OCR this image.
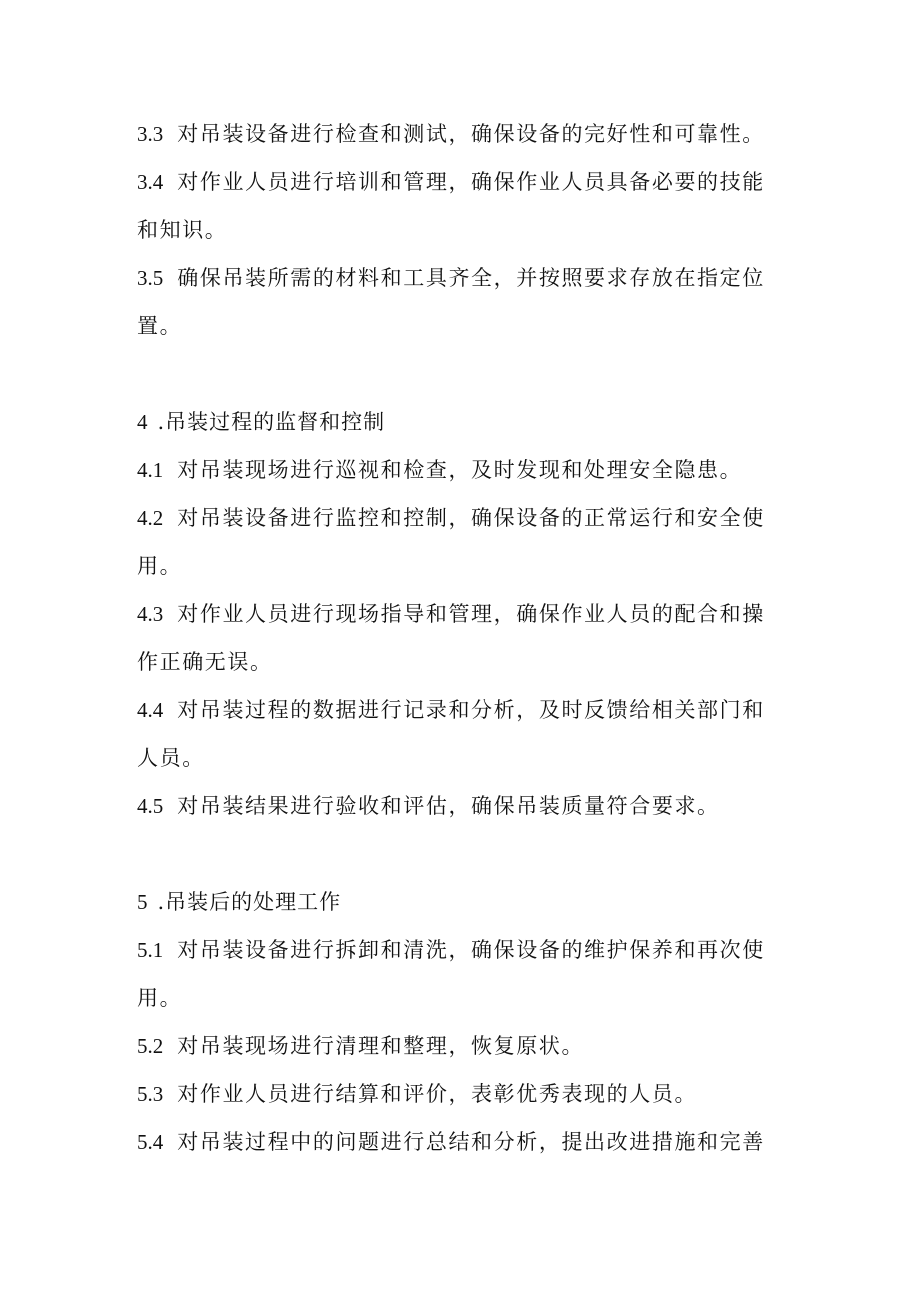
3.3 对吊装设备进行检查和测试，确保设备的完好性和可靠性。
3.4 对作业人员进行培训和管理，确保作业人员具备必要的技能
和知识。
3.5 确保吊装所需的材料和工具齐全，并按照要求存放在指定位
置。
4 .吊装过程的监督和控制
4.1 对吊装现场进行巡视和检查，及时发现和处理安全隐患。
4.2 对吊装设备进行监控和控制，确保设备的正常运行和安全使
用。
4.3 对作业人员进行现场指导和管理，确保作业人员的配合和操
作正确无误。
4.4 对吊装过程的数据进行记录和分析，及时反馈给相关部门和
人员。
4.5 对吊装结果进行验收和评估，确保吊装质量符合要求。
5 .吊装后的处理工作
5.1 对吊装设备进行拆卸和清洗，确保设备的维护保养和再次使
用。
5.2 对吊装现场进行清理和整理，恢复原状。
5.3 对作业人员进行结算和评价，表彰优秀表现的人员。
5.4 对吊装过程中的问题进行总结和分析，提出改进措施和完善
